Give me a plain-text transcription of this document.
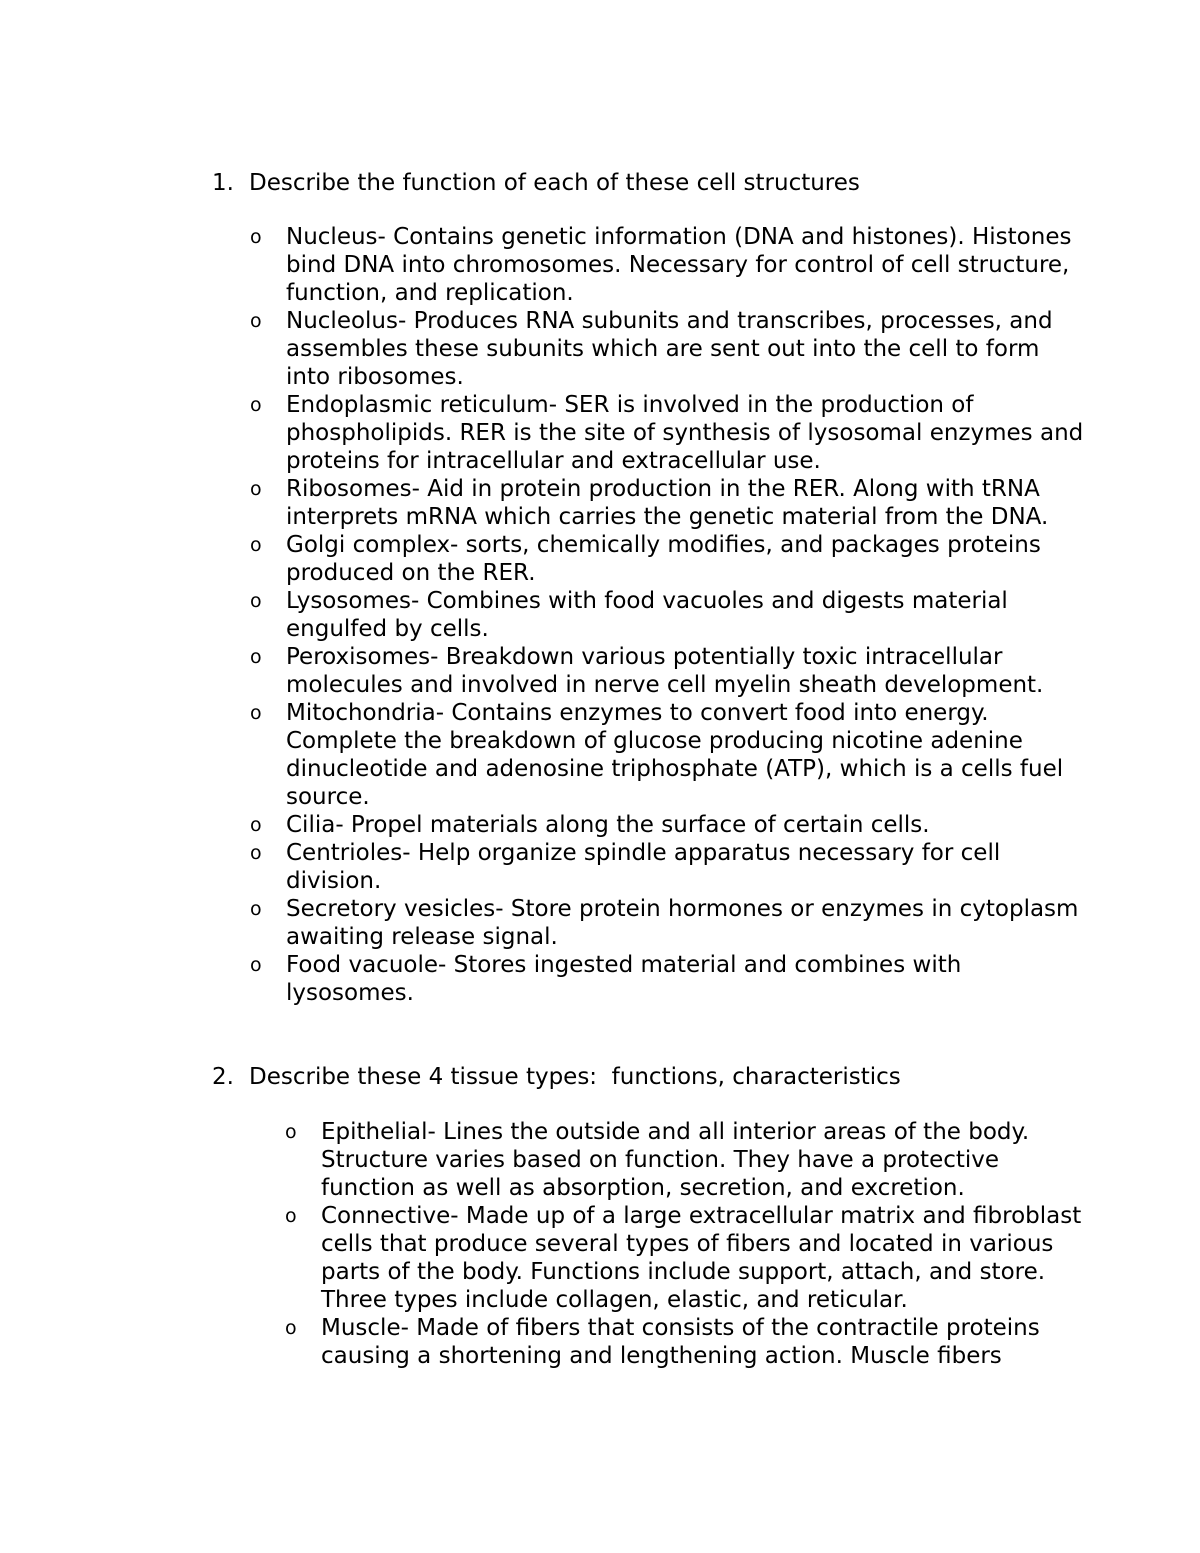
1. Describe the function of each of these cell structures

o	Nucleus- Contains genetic information (DNA and histones). Histones bind DNA into chromosomes. Necessary for control of cell structure, function, and replication.
o	Nucleolus- Produces RNA subunits and transcribes, processes, and assembles these subunits which are sent out into the cell to form into ribosomes.
o	Endoplasmic reticulum- SER is involved in the production of phospholipids. RER is the site of synthesis of lysosomal enzymes and proteins for intracellular and extracellular use.
o	Ribosomes- Aid in protein production in the RER. Along with tRNA interprets mRNA which carries the genetic material from the DNA.
o	Golgi complex- sorts, chemically modifies, and packages proteins produced on the RER.
o	Lysosomes- Combines with food vacuoles and digests material engulfed by cells.
o	Peroxisomes- Breakdown various potentially toxic intracellular molecules and involved in nerve cell myelin sheath development.
o	Mitochondria- Contains enzymes to convert food into energy. Complete the breakdown of glucose producing nicotine adenine dinucleotide and adenosine triphosphate (ATP), which is a cells fuel source.
o	Cilia- Propel materials along the surface of certain cells.
o	Centrioles- Help organize spindle apparatus necessary for cell division.
o	Secretory vesicles- Store protein hormones or enzymes in cytoplasm awaiting release signal.
o	Food vacuole- Stores ingested material and combines with lysosomes.

2. Describe these 4 tissue types:  functions, characteristics

o	Epithelial- Lines the outside and all interior areas of the body. Structure varies based on function. They have a protective function as well as absorption, secretion, and excretion.
o	Connective- Made up of a large extracellular matrix and fibroblast cells that produce several types of fibers and located in various parts of the body. Functions include support, attach, and store. Three types include collagen, elastic, and reticular.
o	Muscle- Made of fibers that consists of the contractile proteins causing a shortening and lengthening action. Muscle fibers
